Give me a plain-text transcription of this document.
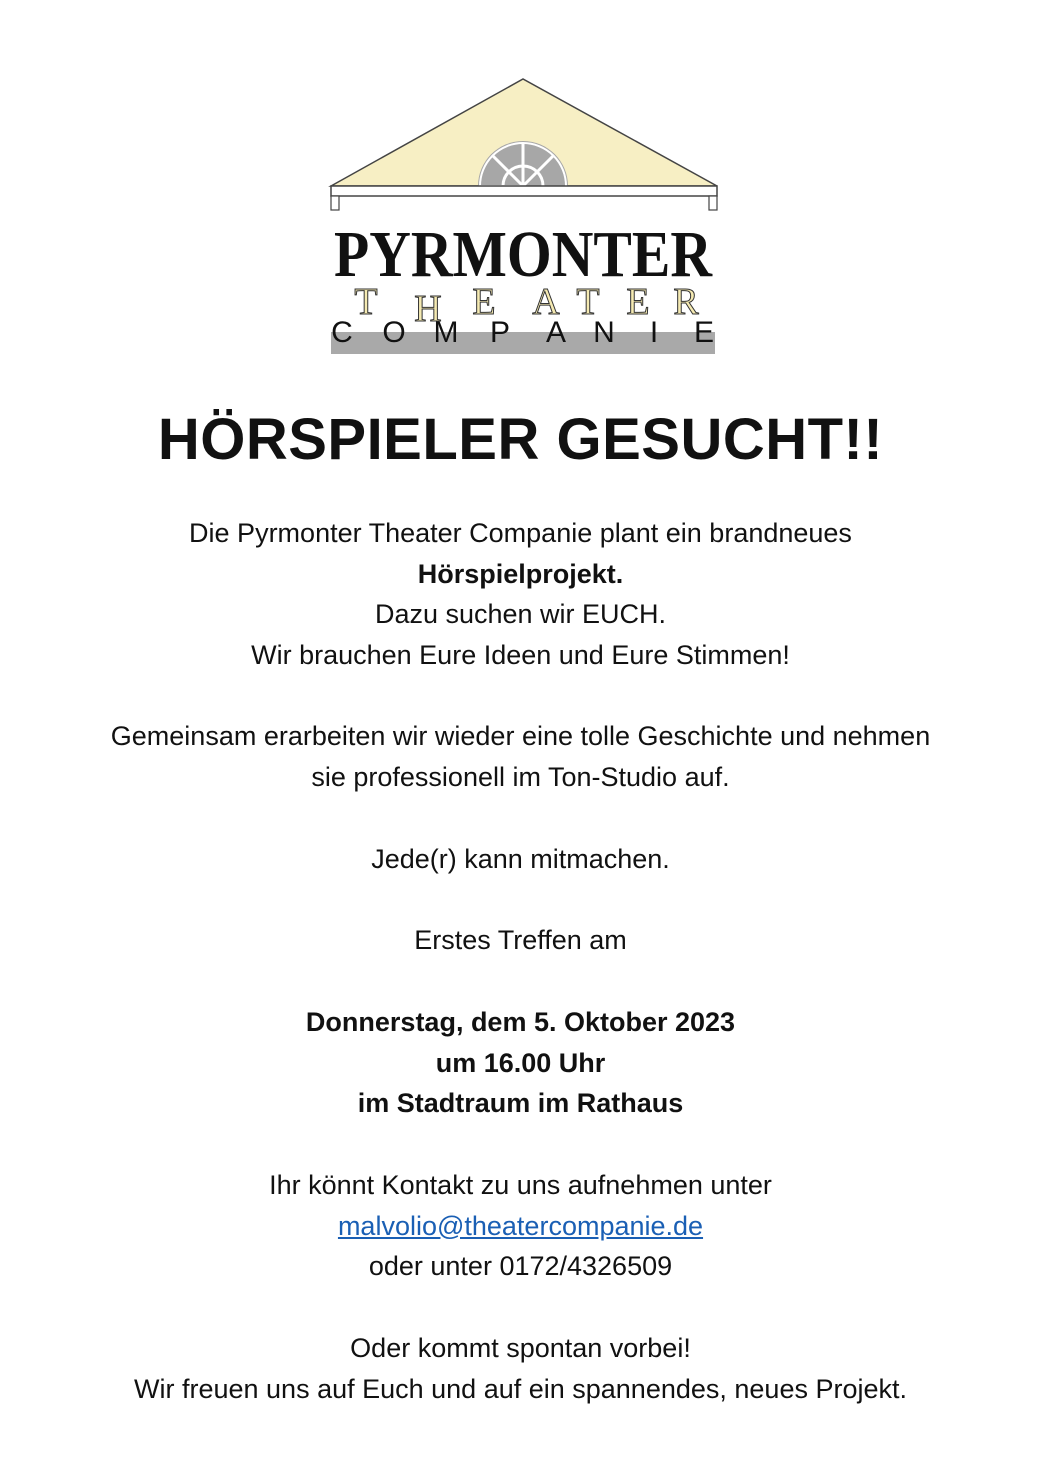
PYRMONTER
T H E A T E R
C O M P A N I E
HÖRSPIELER GESUCHT!!

Die Pyrmonter Theater Companie plant ein brandneues

Hörspielprojekt.

Dazu suchen wir EUCH.

Wir brauchen Eure Ideen und Eure Stimmen!

Gemeinsam erarbeiten wir wieder eine tolle Geschichte und nehmen

sie professionell im Ton-Studio auf.

Jede(r) kann mitmachen.

Erstes Treffen am

Donnerstag, dem 5. Oktober 2023

um 16.00 Uhr

im Stadtraum im Rathaus

Ihr könnt Kontakt zu uns aufnehmen unter

malvolio@theatercompanie.de

oder unter 0172/4326509

Oder kommt spontan vorbei!

Wir freuen uns auf Euch und auf ein spannendes, neues Projekt.
